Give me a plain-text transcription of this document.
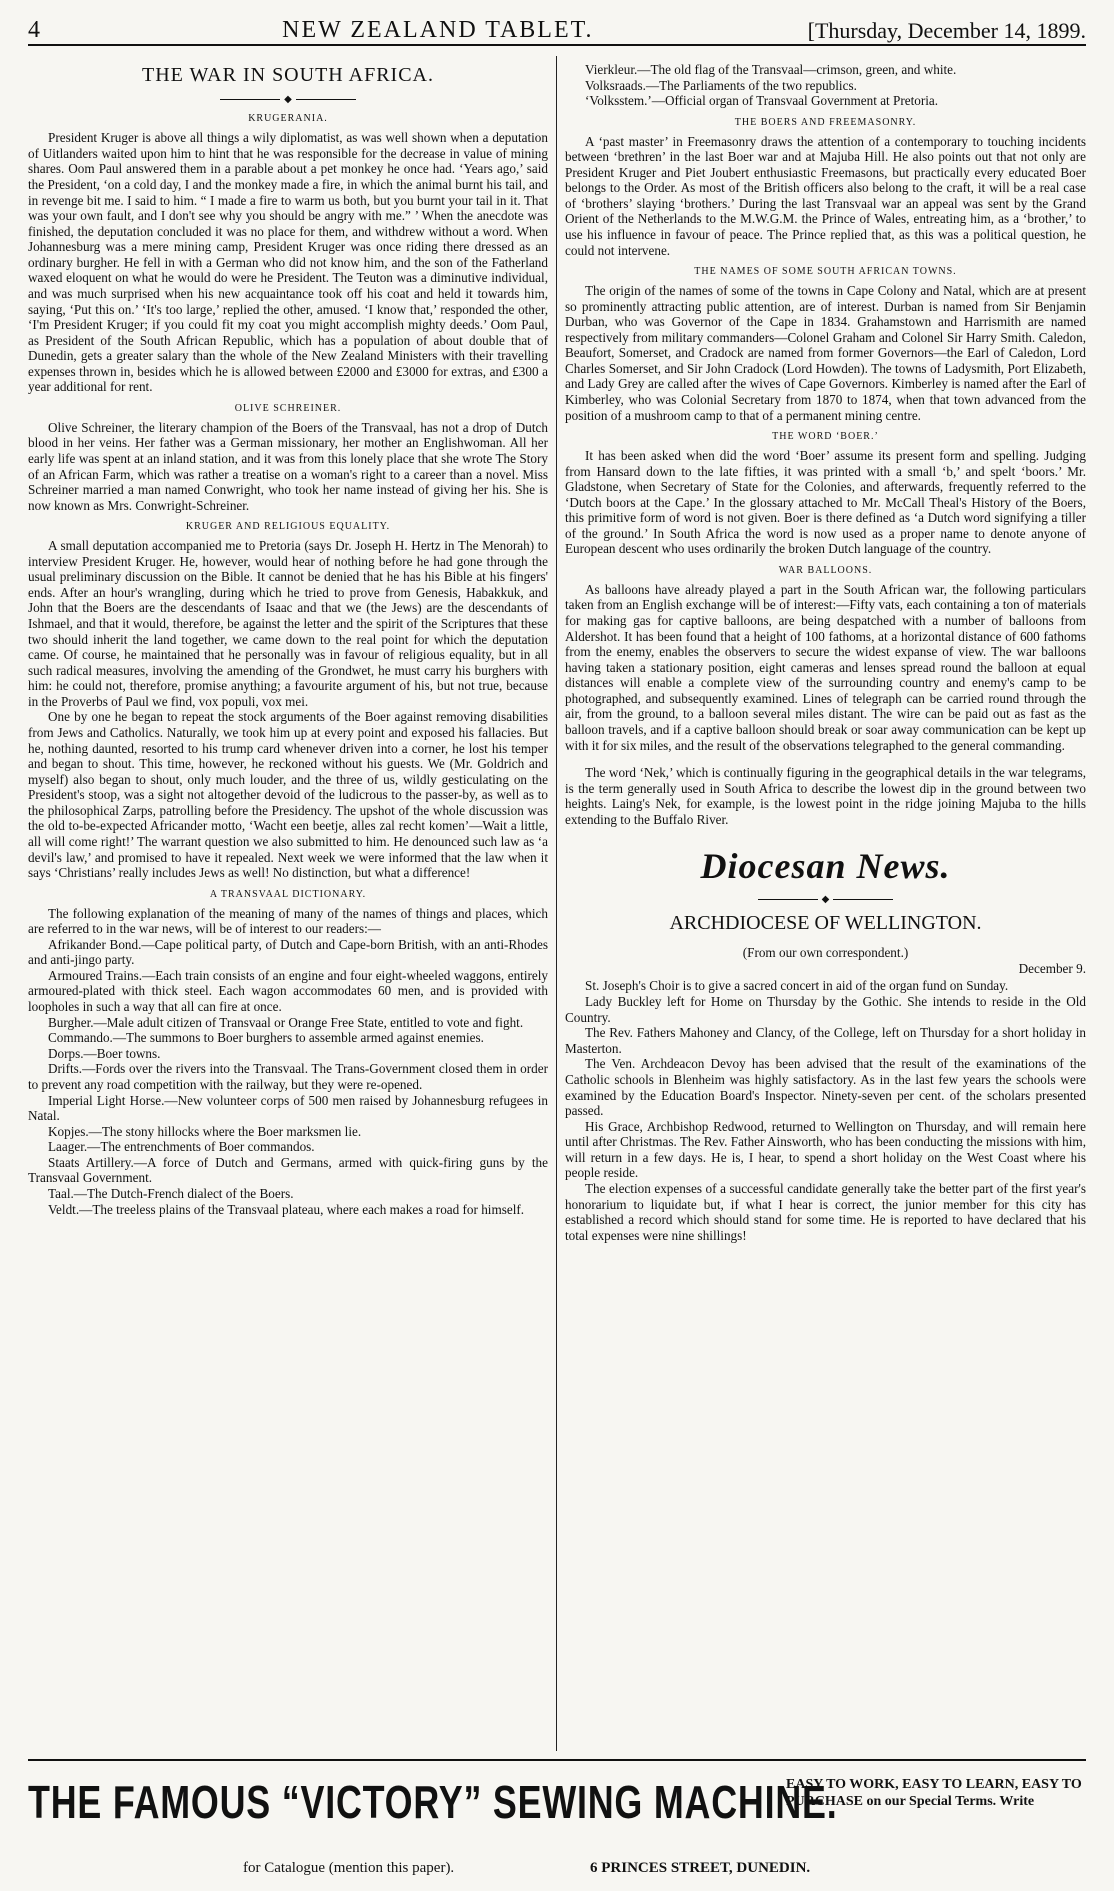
4	NEW ZEALAND TABLET.	[Thursday, December 14, 1899.
THE WAR IN SOUTH AFRICA.
◆
KRUGERANIA.

President Kruger is above all things a wily diplomatist, as was well shown when a deputation of Uitlanders waited upon him to hint that he was responsible for the decrease in value of mining shares. Oom Paul answered them in a parable about a pet monkey he once had. ‘Years ago,’ said the President, ‘on a cold day, I and the monkey made a fire, in which the animal burnt his tail, and in revenge bit me. I said to him. “ I made a fire to warm us both, but you burnt your tail in it. That was your own fault, and I don't see why you should be angry with me.” ’ When the anecdote was finished, the deputation concluded it was no place for them, and withdrew without a word. When Johannesburg was a mere mining camp, President Kruger was once riding there dressed as an ordinary burgher. He fell in with a German who did not know him, and the son of the Fatherland waxed eloquent on what he would do were he President. The Teuton was a diminutive individual, and was much surprised when his new acquaintance took off his coat and held it towards him, saying, ‘Put this on.’ ‘It's too large,’ replied the other, amused. ‘I know that,’ responded the other, ‘I'm President Kruger; if you could fit my coat you might accomplish mighty deeds.’ Oom Paul, as President of the South African Republic, which has a population of about double that of Dunedin, gets a greater salary than the whole of the New Zealand Ministers with their travelling expenses thrown in, besides which he is allowed between £2000 and £3000 for extras, and £300 a year additional for rent.

OLIVE SCHREINER.

Olive Schreiner, the literary champion of the Boers of the Transvaal, has not a drop of Dutch blood in her veins. Her father was a German missionary, her mother an Englishwoman. All her early life was spent at an inland station, and it was from this lonely place that she wrote The Story of an African Farm, which was rather a treatise on a woman's right to a career than a novel. Miss Schreiner married a man named Conwright, who took her name instead of giving her his. She is now known as Mrs. Conwright-Schreiner.

KRUGER AND RELIGIOUS EQUALITY.

A small deputation accompanied me to Pretoria (says Dr. Joseph H. Hertz in The Menorah) to interview President Kruger. He, however, would hear of nothing before he had gone through the usual preliminary discussion on the Bible. It cannot be denied that he has his Bible at his fingers' ends. After an hour's wrangling, during which he tried to prove from Genesis, Habakkuk, and John that the Boers are the descendants of Isaac and that we (the Jews) are the descendants of Ishmael, and that it would, therefore, be against the letter and the spirit of the Scriptures that these two should inherit the land together, we came down to the real point for which the deputation came. Of course, he maintained that he personally was in favour of religious equality, but in all such radical measures, involving the amending of the Grondwet, he must carry his burghers with him: he could not, therefore, promise anything; a favourite argument of his, but not true, because in the Proverbs of Paul we find, vox populi, vox mei.

One by one he began to repeat the stock arguments of the Boer against removing disabilities from Jews and Catholics. Naturally, we took him up at every point and exposed his fallacies. But he, nothing daunted, resorted to his trump card whenever driven into a corner, he lost his temper and began to shout. This time, however, he reckoned without his guests. We (Mr. Goldrich and myself) also began to shout, only much louder, and the three of us, wildly gesticulating on the President's stoop, was a sight not altogether devoid of the ludicrous to the passer-by, as well as to the philosophical Zarps, patrolling before the Presidency. The upshot of the whole discussion was the old to-be-expected Africander motto, ‘Wacht een beetje, alles zal recht komen’—Wait a little, all will come right!’ The warrant question we also submitted to him. He denounced such law as ‘a devil's law,’ and promised to have it repealed. Next week we were informed that the law when it says ‘Christians’ really includes Jews as well! No distinction, but what a difference!

A TRANSVAAL DICTIONARY.

The following explanation of the meaning of many of the names of things and places, which are referred to in the war news, will be of interest to our readers:—

Afrikander Bond.—Cape political party, of Dutch and Cape-born British, with an anti-Rhodes and anti-jingo party.

Armoured Trains.—Each train consists of an engine and four eight-wheeled waggons, entirely armoured-plated with thick steel. Each wagon accommodates 60 men, and is provided with loopholes in such a way that all can fire at once.

Burgher.—Male adult citizen of Transvaal or Orange Free State, entitled to vote and fight.

Commando.—The summons to Boer burghers to assemble armed against enemies.

Dorps.—Boer towns.

Drifts.—Fords over the rivers into the Transvaal. The Trans-Government closed them in order to prevent any road competition with the railway, but they were re-opened.

Imperial Light Horse.—New volunteer corps of 500 men raised by Johannesburg refugees in Natal.

Kopjes.—The stony hillocks where the Boer marksmen lie.

Laager.—The entrenchments of Boer commandos.

Staats Artillery.—A force of Dutch and Germans, armed with quick-firing guns by the Transvaal Government.

Taal.—The Dutch-French dialect of the Boers.

Veldt.—The treeless plains of the Transvaal plateau, where each makes a road for himself.

Vierkleur.—The old flag of the Transvaal—crimson, green, and white.

Volksraads.—The Parliaments of the two republics.

‘Volksstem.’—Official organ of Transvaal Government at Pretoria.

THE BOERS AND FREEMASONRY.

A ‘past master’ in Freemasonry draws the attention of a contemporary to touching incidents between ‘brethren’ in the last Boer war and at Majuba Hill. He also points out that not only are President Kruger and Piet Joubert enthusiastic Freemasons, but practically every educated Boer belongs to the Order. As most of the British officers also belong to the craft, it will be a real case of ‘brothers’ slaying ‘brothers.’ During the last Transvaal war an appeal was sent by the Grand Orient of the Netherlands to the M.W.G.M. the Prince of Wales, entreating him, as a ‘brother,’ to use his influence in favour of peace. The Prince replied that, as this was a political question, he could not intervene.

THE NAMES OF SOME SOUTH AFRICAN TOWNS.

The origin of the names of some of the towns in Cape Colony and Natal, which are at present so prominently attracting public attention, are of interest. Durban is named from Sir Benjamin Durban, who was Governor of the Cape in 1834. Grahamstown and Harrismith are named respectively from military commanders—Colonel Graham and Colonel Sir Harry Smith. Caledon, Beaufort, Somerset, and Cradock are named from former Governors—the Earl of Caledon, Lord Charles Somerset, and Sir John Cradock (Lord Howden). The towns of Ladysmith, Port Elizabeth, and Lady Grey are called after the wives of Cape Governors. Kimberley is named after the Earl of Kimberley, who was Colonial Secretary from 1870 to 1874, when that town advanced from the position of a mushroom camp to that of a permanent mining centre.

THE WORD ‘BOER.’

It has been asked when did the word ‘Boer’ assume its present form and spelling. Judging from Hansard down to the late fifties, it was printed with a small ‘b,’ and spelt ‘boors.’ Mr. Gladstone, when Secretary of State for the Colonies, and afterwards, frequently referred to the ‘Dutch boors at the Cape.’ In the glossary attached to Mr. McCall Theal's History of the Boers, this primitive form of word is not given. Boer is there defined as ‘a Dutch word signifying a tiller of the ground.’ In South Africa the word is now used as a proper name to denote anyone of European descent who uses ordinarily the broken Dutch language of the country.

WAR BALLOONS.

As balloons have already played a part in the South African war, the following particulars taken from an English exchange will be of interest:—Fifty vats, each containing a ton of materials for making gas for captive balloons, are being despatched with a number of balloons from Aldershot. It has been found that a height of 100 fathoms, at a horizontal distance of 600 fathoms from the enemy, enables the observers to secure the widest expanse of view. The war balloons having taken a stationary position, eight cameras and lenses spread round the balloon at equal distances will enable a complete view of the surrounding country and enemy's camp to be photographed, and subsequently examined. Lines of telegraph can be carried round through the air, from the ground, to a balloon several miles distant. The wire can be paid out as fast as the balloon travels, and if a captive balloon should break or soar away communication can be kept up with it for six miles, and the result of the observations telegraphed to the general commanding.

The word ‘Nek,’ which is continually figuring in the geographical details in the war telegrams, is the term generally used in South Africa to describe the lowest dip in the ground between two heights. Laing's Nek, for example, is the lowest point in the ridge joining Majuba to the hills extending to the Buffalo River.

Diocesan News.
◆
ARCHDIOCESE OF WELLINGTON.

(From our own correspondent.)

December 9.

St. Joseph's Choir is to give a sacred concert in aid of the organ fund on Sunday.

Lady Buckley left for Home on Thursday by the Gothic. She intends to reside in the Old Country.

The Rev. Fathers Mahoney and Clancy, of the College, left on Thursday for a short holiday in Masterton.

The Ven. Archdeacon Devoy has been advised that the result of the examinations of the Catholic schools in Blenheim was highly satisfactory. As in the last few years the schools were examined by the Education Board's Inspector. Ninety-seven per cent. of the scholars presented passed.

His Grace, Archbishop Redwood, returned to Wellington on Thursday, and will remain here until after Christmas. The Rev. Father Ainsworth, who has been conducting the missions with him, will return in a few days. He is, I hear, to spend a short holiday on the West Coast where his people reside.

The election expenses of a successful candidate generally take the better part of the first year's honorarium to liquidate but, if what I hear is correct, the junior member for this city has established a record which should stand for some time. He is reported to have declared that his total expenses were nine shillings!

THE FAMOUS “VICTORY” SEWING MACHINE.
EASY TO WORK, EASY TO LEARN, EASY TO PURCHASE on our Special Terms. Write
for Catalogue (mention this paper).	6 PRINCES STREET, DUNEDIN.
